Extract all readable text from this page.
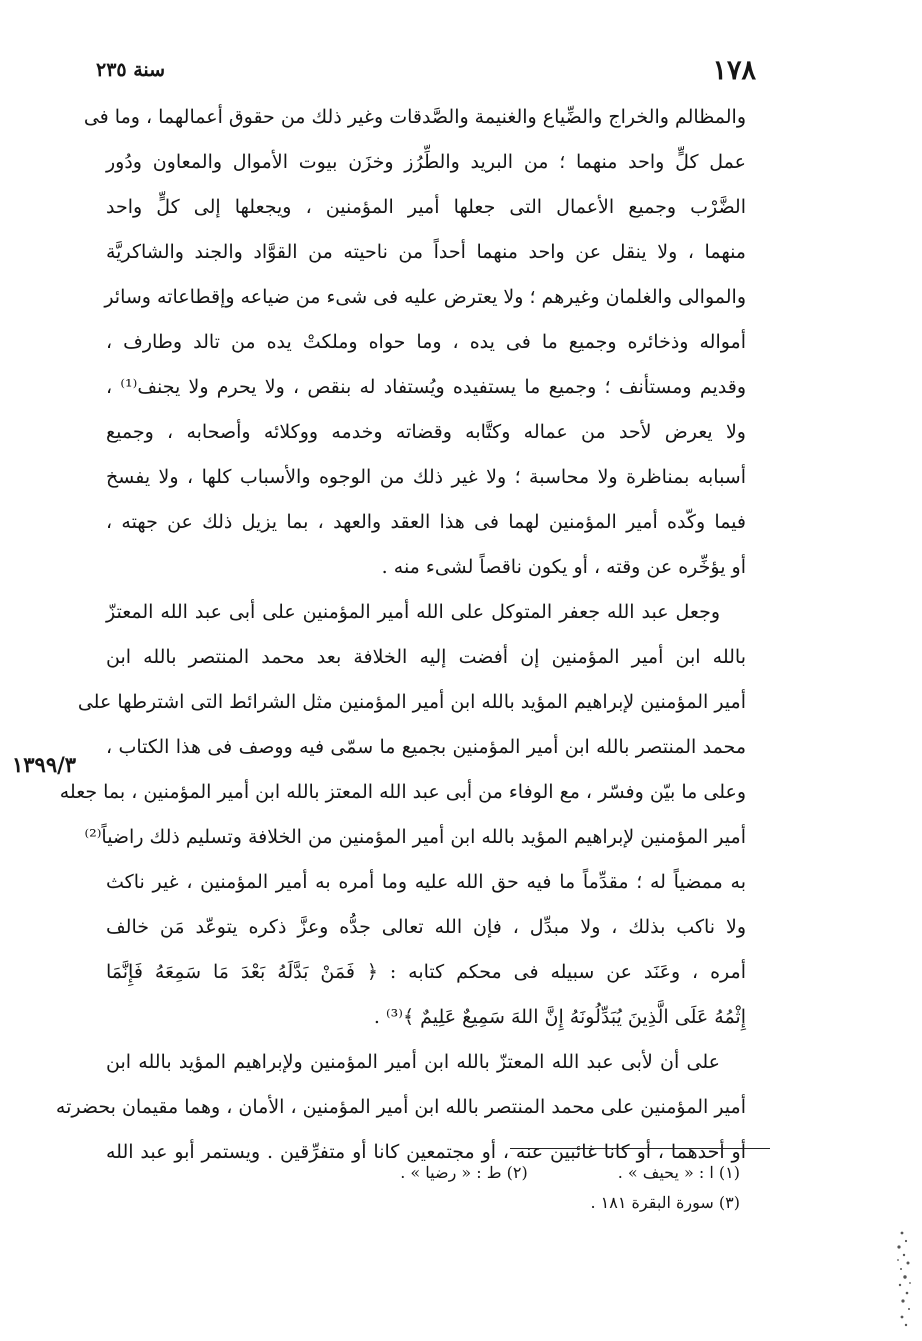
سنة ٢٣٥	١٧٨
١٣٩٩/٣
والمظالم والخراج والضِّياع والغنيمة والصَّدقات وغير ذلك من حقوق أعمالهما ، وما فى
عمل كلٍّ واحد منهما ؛ من البريد والطِّرُز وخزَن بيوت الأموال والمعاون ودُور
الضَّرْب وجميع الأعمال التى جعلها أمير المؤمنين ، ويجعلها إلى كلٍّ واحد
منهما ، ولا ينقل عن واحد منهما أحداً من ناحيته من القوَّاد والجند والشاكريَّة
والموالى والغلمان وغيرهم ؛ ولا يعترض عليه فى شىء من ضياعه وإقطاعاته وسائر
أمواله وذخائره وجميع ما فى يده ، وما حواه وملكتْ يده من تالد وطارف ،
وقديم ومستأنف ؛ وجميع ما يستفيده ويُستفاد له بنقص ، ولا يحرم ولا يجنف⁽¹⁾ ،
ولا يعرض لأحد من عماله وكتَّابه وقضاته وخدمه ووكلائه وأصحابه ، وجميع
أسبابه بمناظرة ولا محاسبة ؛ ولا غير ذلك من الوجوه والأسباب كلها ، ولا يفسخ
فيما وكّده أمير المؤمنين لهما فى هذا العقد والعهد ، بما يزيل ذلك عن جهته ،
أو يؤخِّره عن وقته ، أو يكون ناقصاً لشىء منه .
وجعل عبد الله جعفر المتوكل على الله أمير المؤمنين على أبى عبد الله المعتزّ
بالله ابن أمير المؤمنين إن أفضت إليه الخلافة بعد محمد المنتصر بالله ابن
أمير المؤمنين لإبراهيم المؤيد بالله ابن أمير المؤمنين مثل الشرائط التى اشترطها على
محمد المنتصر بالله ابن أمير المؤمنين بجميع ما سمّى فيه ووصف فى هذا الكتاب ،
وعلى ما بيّن وفسّر ، مع الوفاء من أبى عبد الله المعتز بالله ابن أمير المؤمنين ، بما جعله
أمير المؤمنين لإبراهيم المؤيد بالله ابن أمير المؤمنين من الخلافة وتسليم ذلك راضياً⁽²⁾
به ممضياً له ؛ مقدِّماً ما فيه حق الله عليه وما أمره به أمير المؤمنين ، غير ناكث
ولا ناكب بذلك ، ولا مبدِّل ، فإن الله تعالى جدُّه وعزَّ ذكره يتوعّد مَن خالف
أمره ، وعَنَد عن سبيله فى محكم كتابه : ﴿ فَمَنْ بَدَّلَهُ بَعْدَ مَا سَمِعَهُ فَإِنَّمَا
إِثْمُهُ عَلَى الَّذِينَ يُبَدِّلُونَهُ إِنَّ اللهَ سَمِيعٌ عَلِيمٌ ﴾⁽³⁾ .
على أن لأبى عبد الله المعتزّ بالله ابن أمير المؤمنين ولإبراهيم المؤيد بالله ابن
أمير المؤمنين على محمد المنتصر بالله ابن أمير المؤمنين ، الأمان ، وهما مقيمان بحضرته
أو أحدهما ، أو كانا غائبين عنه ، أو مجتمعين كانا أو متفرِّقين . ويستمر أبو عبد الله
(١) ا : « يحيف » .
(٢) ط : « رضيا » .
(٣) سورة البقرة ١٨١ .
